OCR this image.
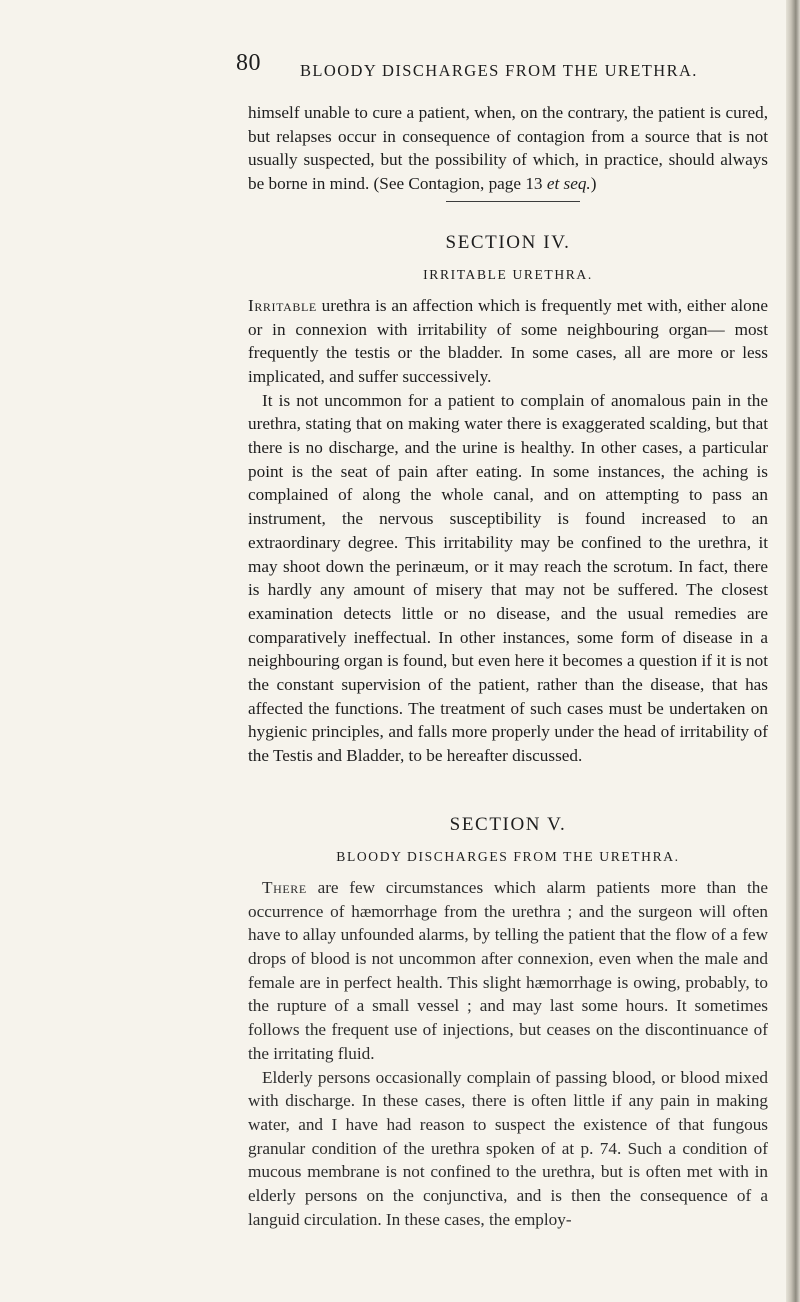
80 BLOODY DISCHARGES FROM THE URETHRA.

himself unable to cure a patient, when, on the contrary, the patient is cured, but relapses occur in consequence of contagion from a source that is not usually suspected, but the possibility of which, in practice, should always be borne in mind. (See Contagion, page 13 et seq.)

SECTION IV.
IRRITABLE URETHRA.

Irritable urethra is an affection which is frequently met with, either alone or in connexion with irritability of some neighbouring organ— most frequently the testis or the bladder. In some cases, all are more or less implicated, and suffer successively.

It is not uncommon for a patient to complain of anomalous pain in the urethra, stating that on making water there is exaggerated scalding, but that there is no discharge, and the urine is healthy. In other cases, a particular point is the seat of pain after eating. In some instances, the aching is complained of along the whole canal, and on attempting to pass an instrument, the nervous susceptibility is found increased to an extraordinary degree. This irritability may be confined to the urethra, it may shoot down the perinæum, or it may reach the scrotum. In fact, there is hardly any amount of misery that may not be suffered. The closest examination detects little or no disease, and the usual remedies are comparatively ineffectual. In other instances, some form of disease in a neighbouring organ is found, but even here it becomes a question if it is not the constant supervision of the patient, rather than the disease, that has affected the functions. The treatment of such cases must be undertaken on hygienic principles, and falls more properly under the head of irritability of the Testis and Bladder, to be hereafter discussed.

SECTION V.
BLOODY DISCHARGES FROM THE URETHRA.

There are few circumstances which alarm patients more than the occurrence of hæmorrhage from the urethra ; and the surgeon will often have to allay unfounded alarms, by telling the patient that the flow of a few drops of blood is not uncommon after connexion, even when the male and female are in perfect health. This slight hæmorrhage is owing, probably, to the rupture of a small vessel ; and may last some hours. It sometimes follows the frequent use of injections, but ceases on the discontinuance of the irritating fluid.

Elderly persons occasionally complain of passing blood, or blood mixed with discharge. In these cases, there is often little if any pain in making water, and I have had reason to suspect the existence of that fungous granular condition of the urethra spoken of at p. 74. Such a condition of mucous membrane is not confined to the urethra, but is often met with in elderly persons on the conjunctiva, and is then the consequence of a languid circulation. In these cases, the employ-
